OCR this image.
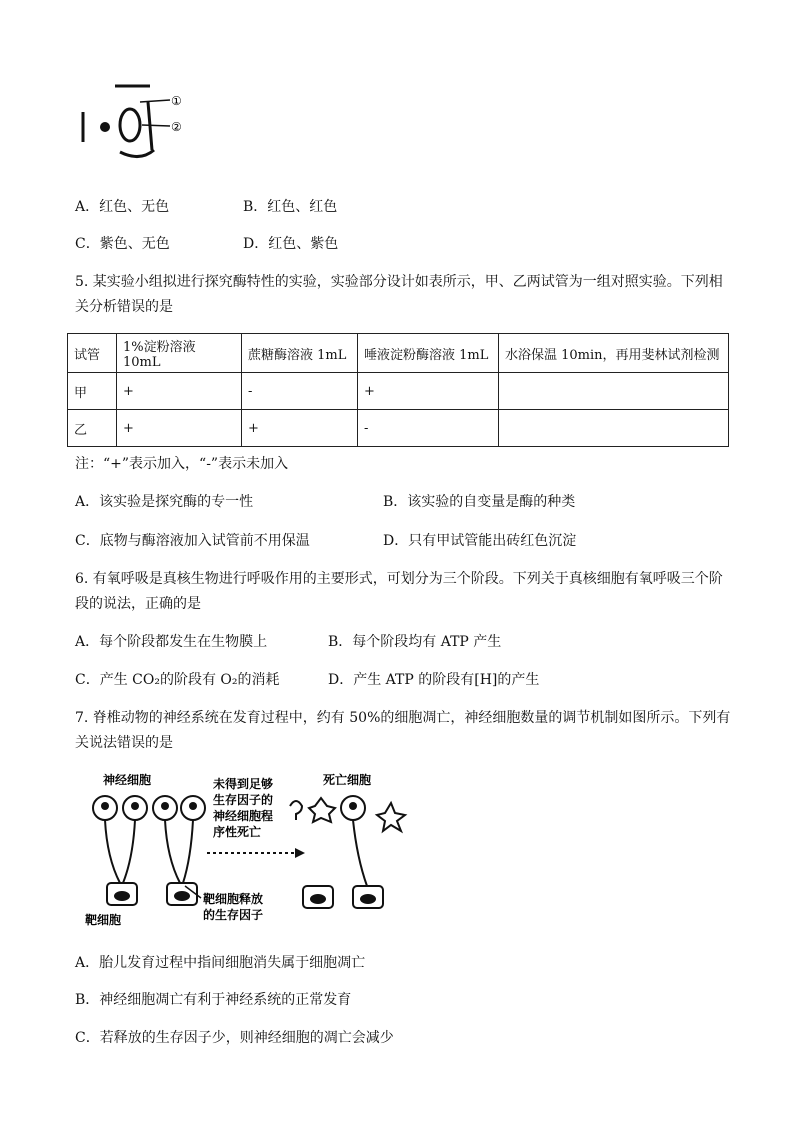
①
②
A．红色、无色	B．红色、红色
C．紫色、无色	D．红色、紫色
5. 某实验小组拟进行探究酶特性的实验，实验部分设计如表所示，甲、乙两试管为一组对照实验。下列相
关分析错误的是
试管	1%淀粉溶液 10mL	蔗糖酶溶液 1mL	唾液淀粉酶溶液 1mL	水浴保温 10min，再用斐林试剂检测
甲	+	-	+	
乙	+	+	-	
注：“+”表示加入，“-”表示未加入
A．该实验是探究酶的专一性	B．该实验的自变量是酶的种类
C．底物与酶溶液加入试管前不用保温	D．只有甲试管能出砖红色沉淀
6. 有氧呼吸是真核生物进行呼吸作用的主要形式，可划分为三个阶段。下列关于真核细胞有氧呼吸三个阶
段的说法，正确的是
A．每个阶段都发生在生物膜上	B．每个阶段均有 ATP 产生
C．产生 CO₂的阶段有 O₂的消耗	D．产生 ATP 的阶段有[H]的产生
7. 脊椎动物的神经系统在发育过程中，约有 50%的细胞凋亡，神经细胞数量的调节机制如图所示。下列有
关说法错误的是
神经细胞
靶细胞
未得到足够
生存因子的
神经细胞程
序性死亡
靶细胞释放
的生存因子
死亡细胞
A．胎儿发育过程中指间细胞消失属于细胞凋亡
B．神经细胞凋亡有利于神经系统的正常发育
C．若释放的生存因子少，则神经细胞的凋亡会减少
